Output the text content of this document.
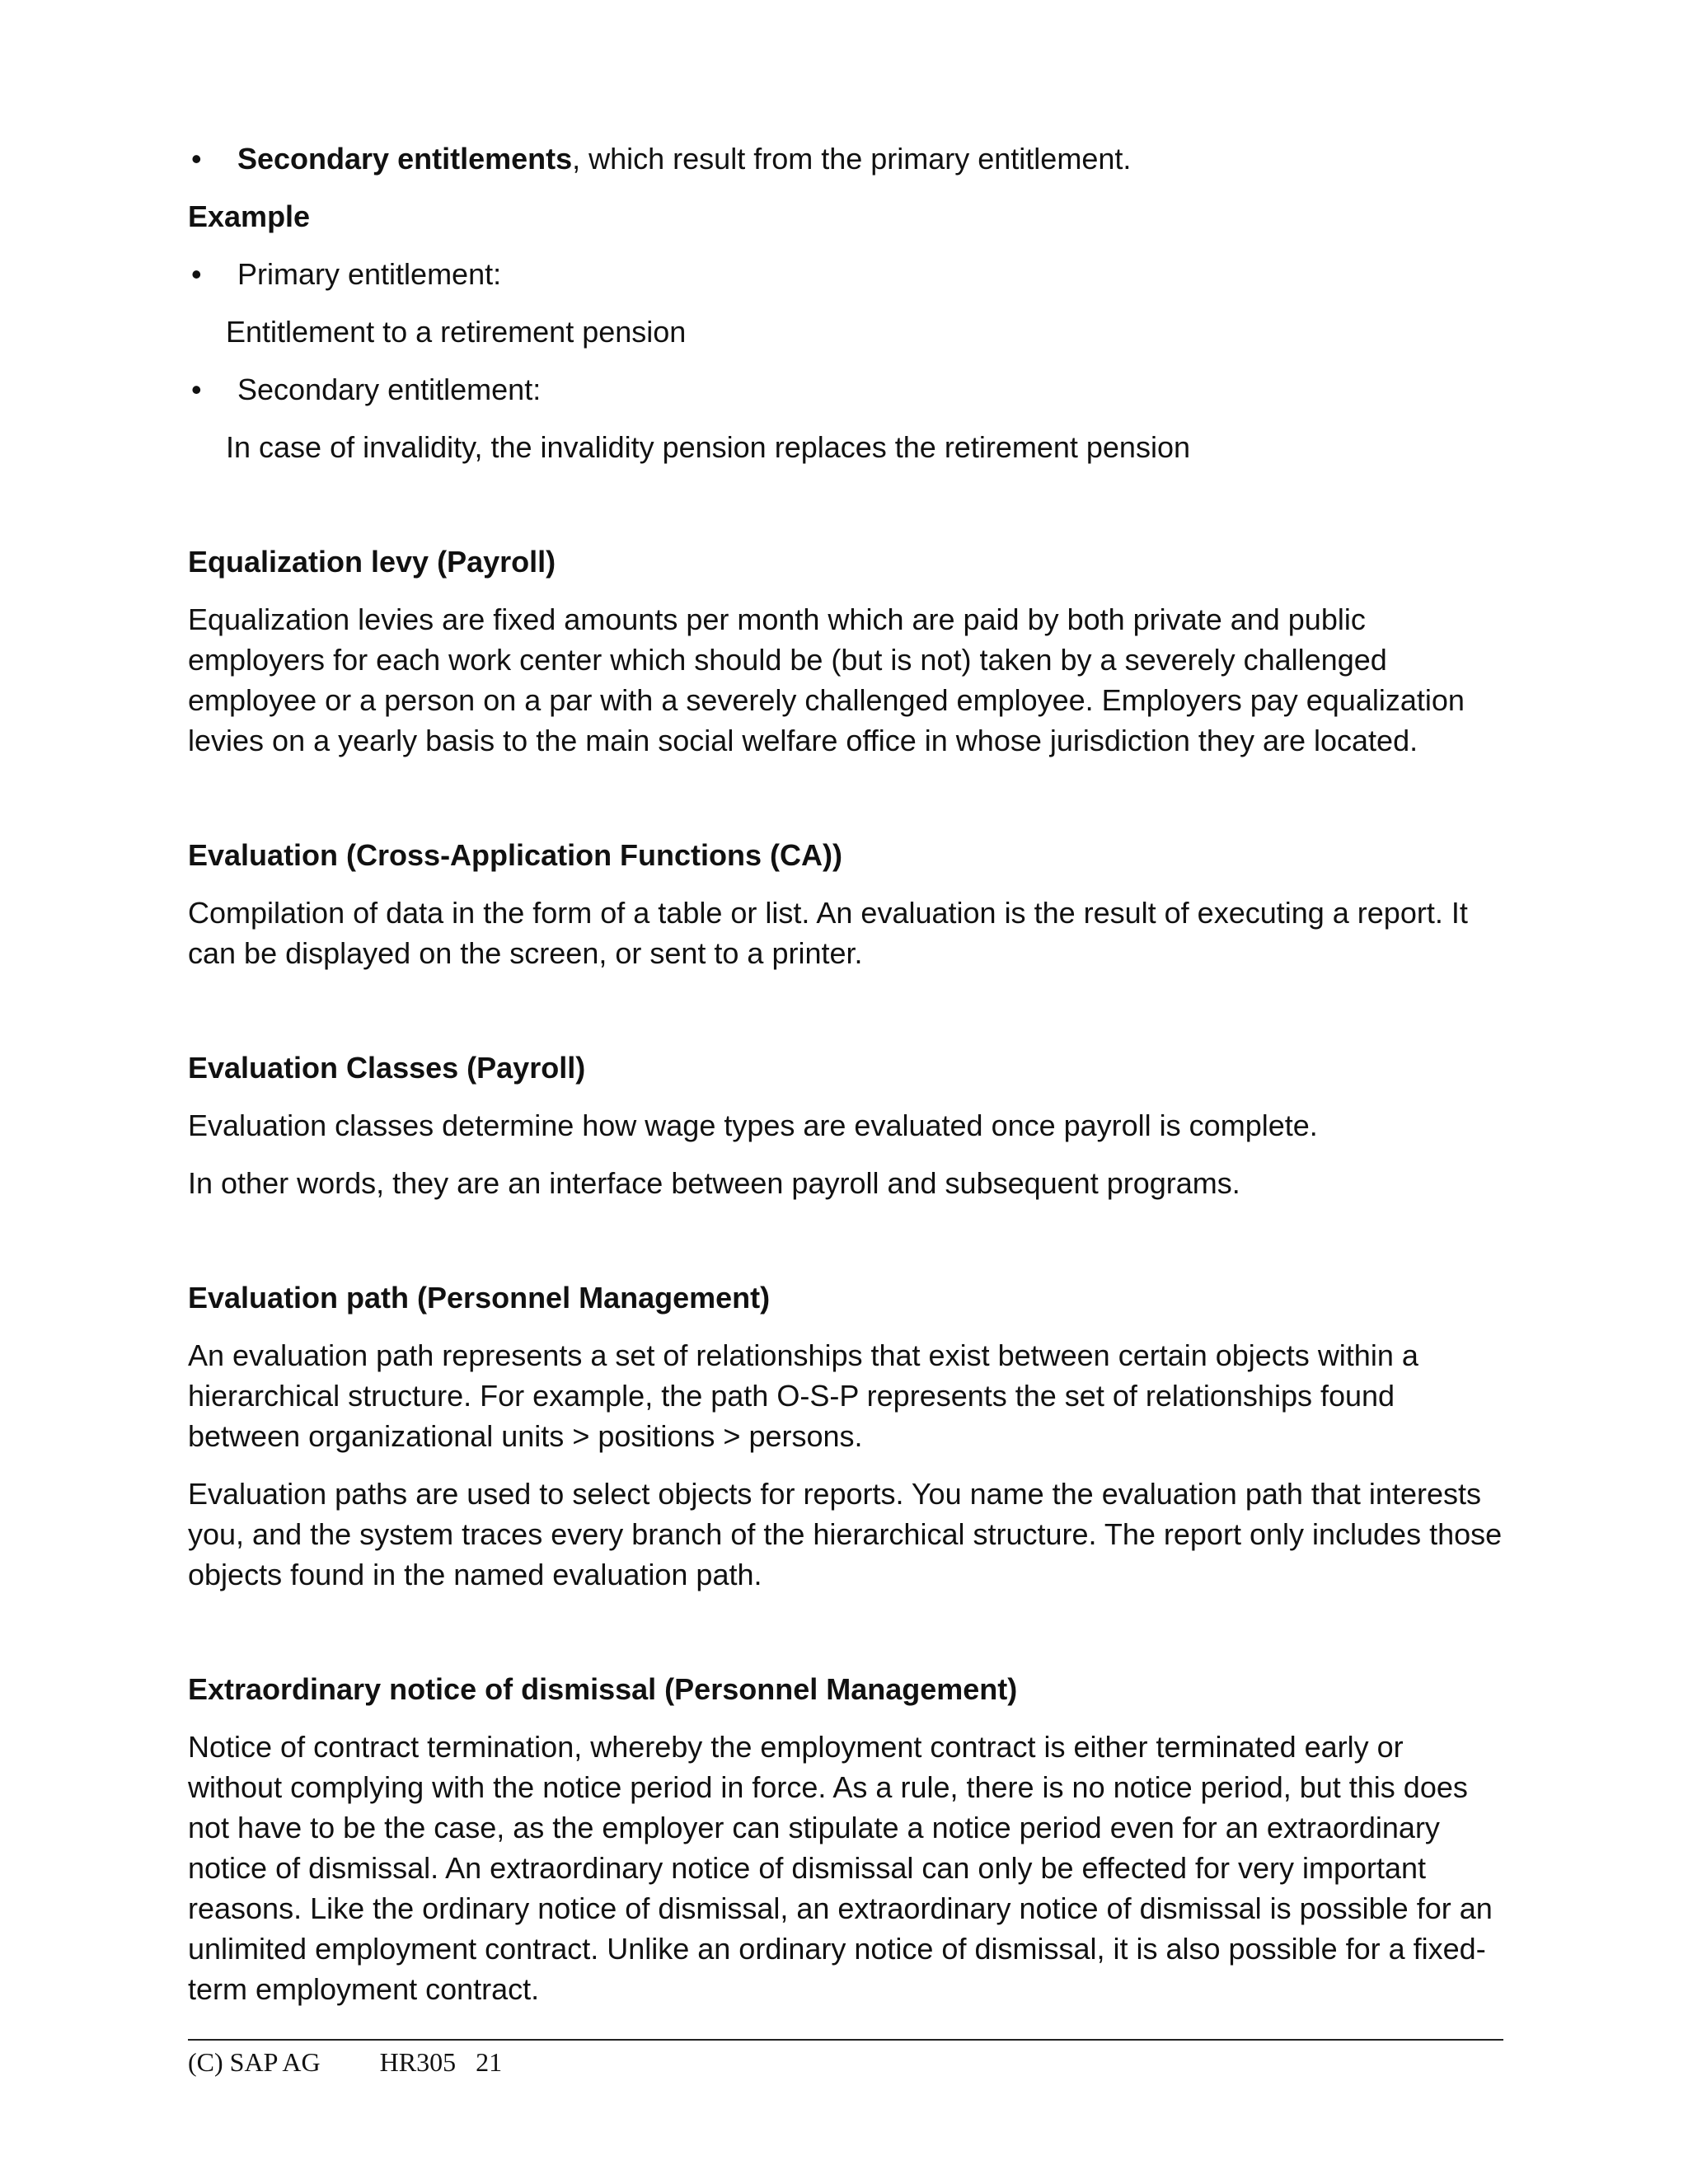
• Secondary entitlements, which result from the primary entitlement.

Example

• Primary entitlement:

Entitlement to a retirement pension

• Secondary entitlement:

In case of invalidity, the invalidity pension replaces the retirement pension

Equalization levy (Payroll)

Equalization levies are fixed amounts per month which are paid by both private and public employers for each work center which should be (but is not) taken by a severely challenged employee or a person on a par with a severely challenged employee. Employers pay equalization levies on a yearly basis to the main social welfare office in whose jurisdiction they are located.

Evaluation (Cross-Application Functions (CA))

Compilation of data in the form of a table or list. An evaluation is the result of executing a report. It can be displayed on the screen, or sent to a printer.

Evaluation Classes (Payroll)

Evaluation classes determine how wage types are evaluated once payroll is complete.

In other words, they are an interface between payroll and subsequent programs.

Evaluation path (Personnel Management)

An evaluation path represents a set of relationships that exist between certain objects within a hierarchical structure. For example, the path O-S-P represents the set of relationships found between organizational units > positions > persons.

Evaluation paths are used to select objects for reports. You name the evaluation path that interests you, and the system traces every branch of the hierarchical structure. The report only includes those objects found in the named evaluation path.

Extraordinary notice of dismissal (Personnel Management)

Notice of contract termination, whereby the employment contract is either terminated early or without complying with the notice period in force. As a rule, there is no notice period, but this does not have to be the case, as the employer can stipulate a notice period even for an extraordinary notice of dismissal. An extraordinary notice of dismissal can only be effected for very important reasons. Like the ordinary notice of dismissal, an extraordinary notice of dismissal is possible for an unlimited employment contract. Unlike an ordinary notice of dismissal, it is also possible for a fixed-term employment contract.

(C) SAP AG HR305 21
